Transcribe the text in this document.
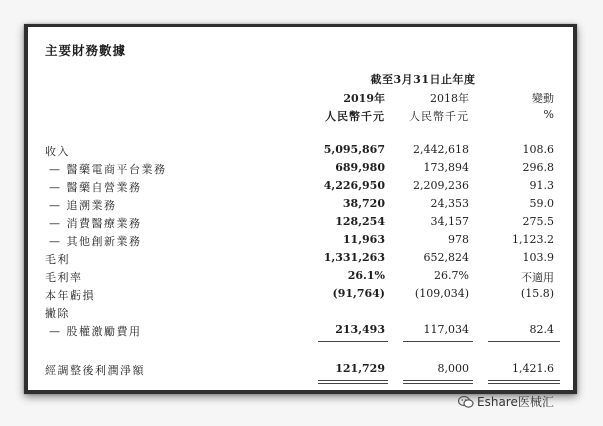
主要財務數據
截至3月31日止年度
2019年	2018年	變動
人民幣千元 人民幣千元	%
收入	5,095,867	2,442,618	108.6
— 醫藥電商平台業務	689,980	173,894	296.8
— 醫藥自營業務	4,226,950	2,209,236	91.3
— 追溯業務	38,720	24,353	59.0
— 消費醫療業務	128,254	34,157	275.5
— 其他創新業務	11,963	978	1,123.2
毛利	1,331,263	652,824	103.9
毛利率	26.1%	26.7%	不適用
本年虧損	(91,764)	(109,034)	(15.8)
撇除
— 股權激勵費用	213,493	117,034	82.4
經調整後利潤淨額	121,729	8,000	1,421.6
Eshare医械汇
